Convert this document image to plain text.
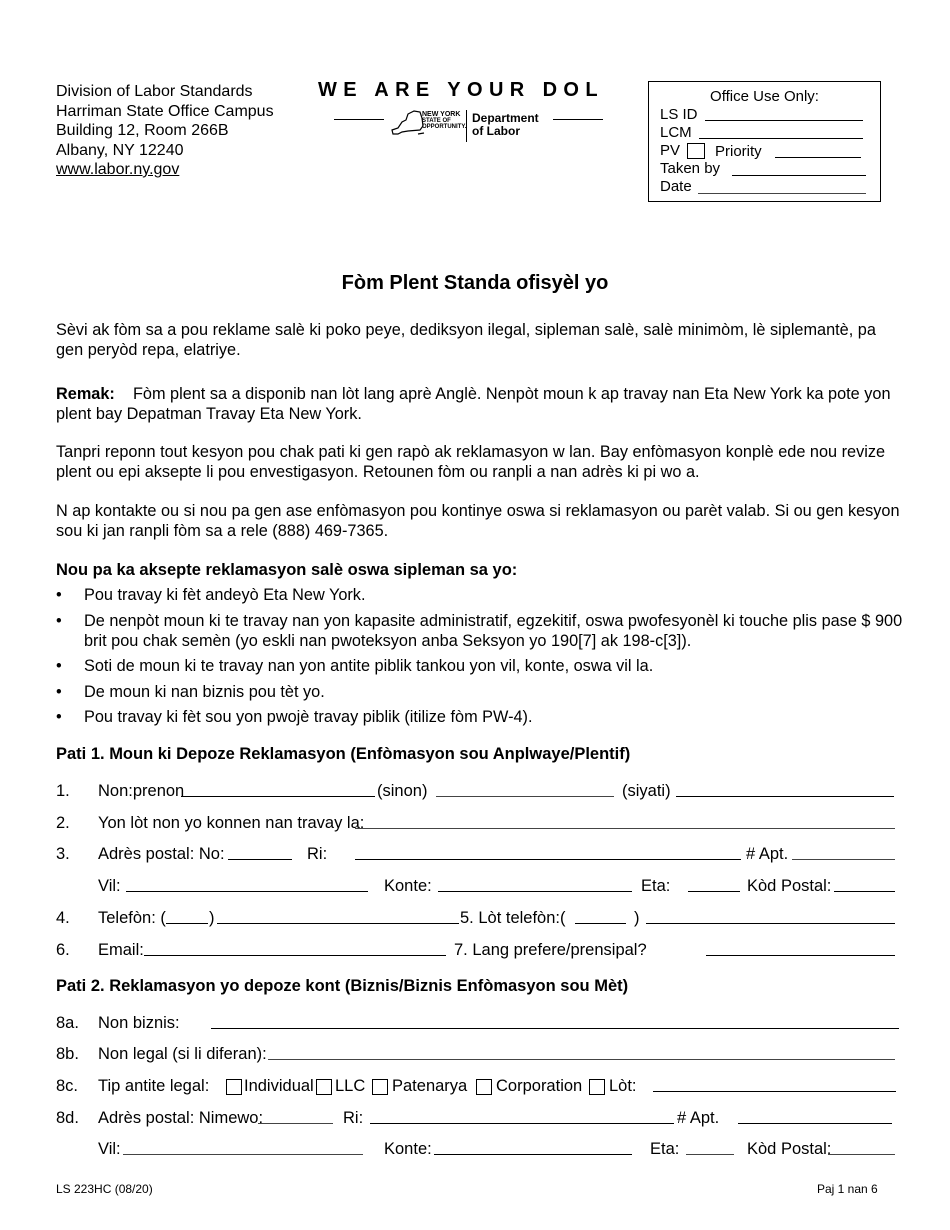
Division of Labor Standards
Harriman State Office Campus
Building 12, Room 266B
Albany, NY 12240
www.labor.ny.gov
WE ARE YOUR DOL
NEW YORK
STATE OF
OPPORTUNITY.
Department
of Labor
Office Use Only:
LS ID
LCM
PV Priority
Taken by
Date
Fòm Plent Standa ofisyèl yo
Sèvi ak fòm sa a pou reklame salè ki poko peye, dediksyon ilegal, sipleman salè, salè minimòm, lè siplemantè, pa gen peryòd repa, elatriye.
Remak: Fòm plent sa a disponib nan lòt lang aprè Anglè. Nenpòt moun k ap travay nan Eta New York ka pote yon plent bay Depatman Travay Eta New York.
Tanpri reponn tout kesyon pou chak pati ki gen rapò ak reklamasyon w lan. Bay enfòmasyon konplè ede nou revize plent ou epi aksepte li pou envestigasyon. Retounen fòm ou ranpli a nan adrès ki pi wo a.
N ap kontakte ou si nou pa gen ase enfòmasyon pou kontinye oswa si reklamasyon ou parèt valab. Si ou gen kesyon sou ki jan ranpli fòm sa a rele (888) 469-7365.
Nou pa ka aksepte reklamasyon salè oswa sipleman sa yo:
• Pou travay ki fèt andeyò Eta New York.
• De nenpòt moun ki te travay nan yon kapasite administratif, egzekitif, oswa pwofesyonèl ki touche plis pase $ 900 brit pou chak semèn (yo eskli nan pwoteksyon anba Seksyon yo 190[7] ak 198-c[3]).
• Soti de moun ki te travay nan yon antite piblik tankou yon vil, konte, oswa vil la.
• De moun ki nan biznis pou tèt yo.
• Pou travay ki fèt sou yon pwojè travay piblik (itilize fòm PW-4).
Pati 1. Moun ki Depoze Reklamasyon (Enfòmasyon sou Anplwaye/Plentif)
1. Non:prenon	(sinon)	(siyati)
2. Yon lòt non yo konnen nan travay la:
3. Adrès postal: No:	Ri:	# Apt.
Vil:	Konte:	Eta:	Kòd Postal:
4. Telefòn: (	)	5. Lòt telefòn:(	)
6. Email:	7. Lang prefere/prensipal?
Pati 2. Reklamasyon yo depoze kont (Biznis/Biznis Enfòmasyon sou Mèt)
8a. Non biznis:
8b. Non legal (si li diferan):
8c. Tip antite legal: Individual LLC Patenarya Corporation Lòt:
8d. Adrès postal: Nimewo:	Ri:	# Apt.
Vil:	Konte:	Eta:	Kòd Postal:
LS 223HC (08/20)	Paj 1 nan 6
